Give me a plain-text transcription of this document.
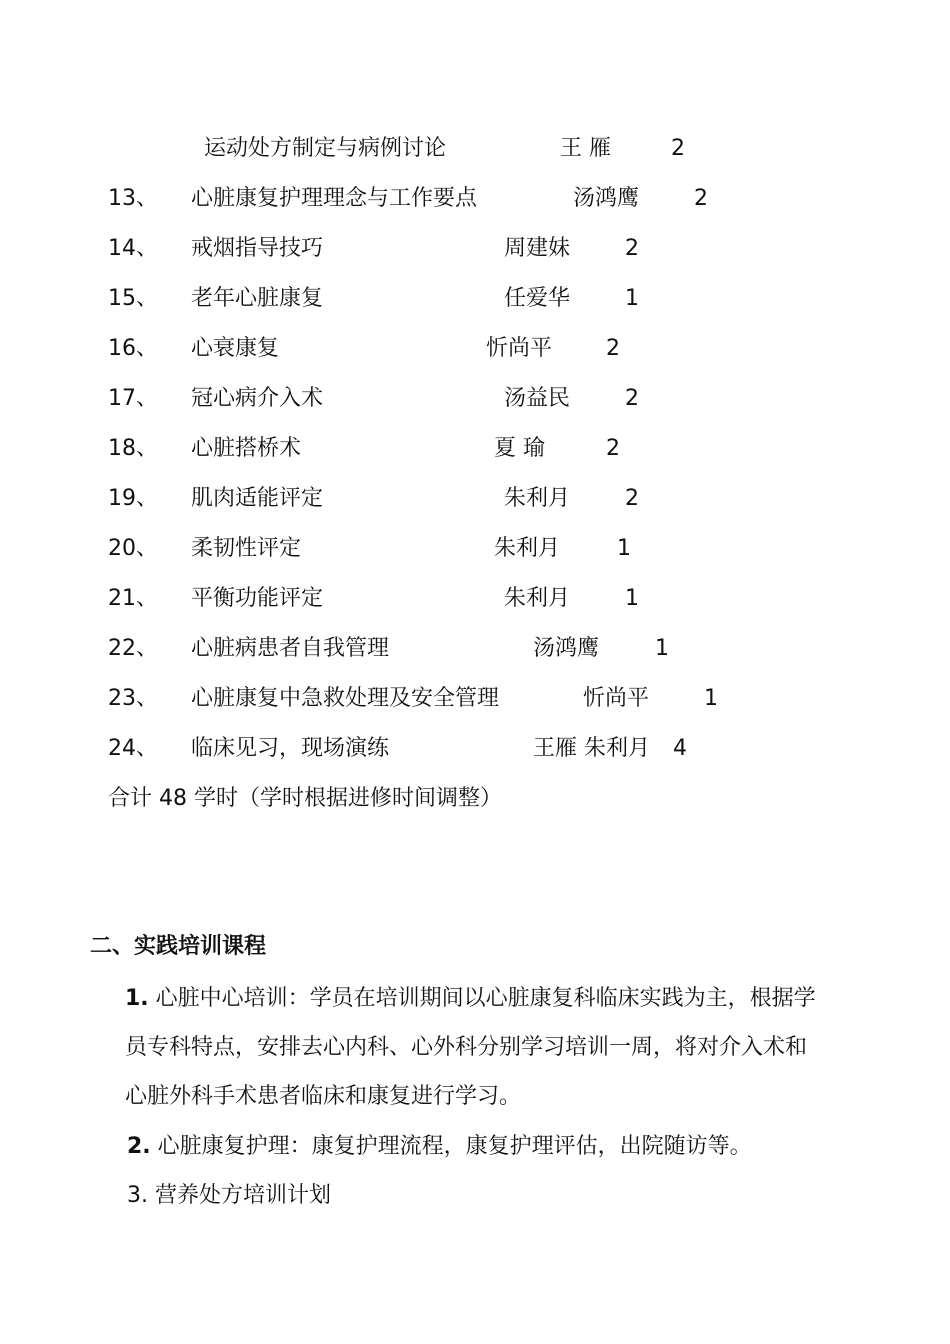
运动处方制定与病例讨论	王 雁	2
13、 心脏康复护理理念与工作要点	汤鸿鹰 2
14、 戒烟指导技巧	周建妹 2
15、 老年心脏康复	任爱华 1
16、 心衰康复	忻尚平 2
17、 冠心病介入术	汤益民 2
18、 心脏搭桥术	夏 瑜	2
19、 肌肉适能评定	朱利月 2
20、 柔韧性评定	朱利月	1
21、 平衡功能评定	朱利月 1
22、 心脏病患者自我管理	汤鸿鹰	1
23、 心脏康复中急救处理及安全管理	忻尚平 1
24、 临床见习，现场演练	王雁 朱利月 4
合计 48 学时（学时根据进修时间调整）
二、实践培训课程
1. 心脏中心培训：学员在培训期间以心脏康复科临床实践为主，根据学
员专科特点，安排去心内科、心外科分别学习培训一周，将对介入术和
心脏外科手术患者临床和康复进行学习。
2. 心脏康复护理：康复护理流程，康复护理评估，出院随访等。
3. 营养处方培训计划
